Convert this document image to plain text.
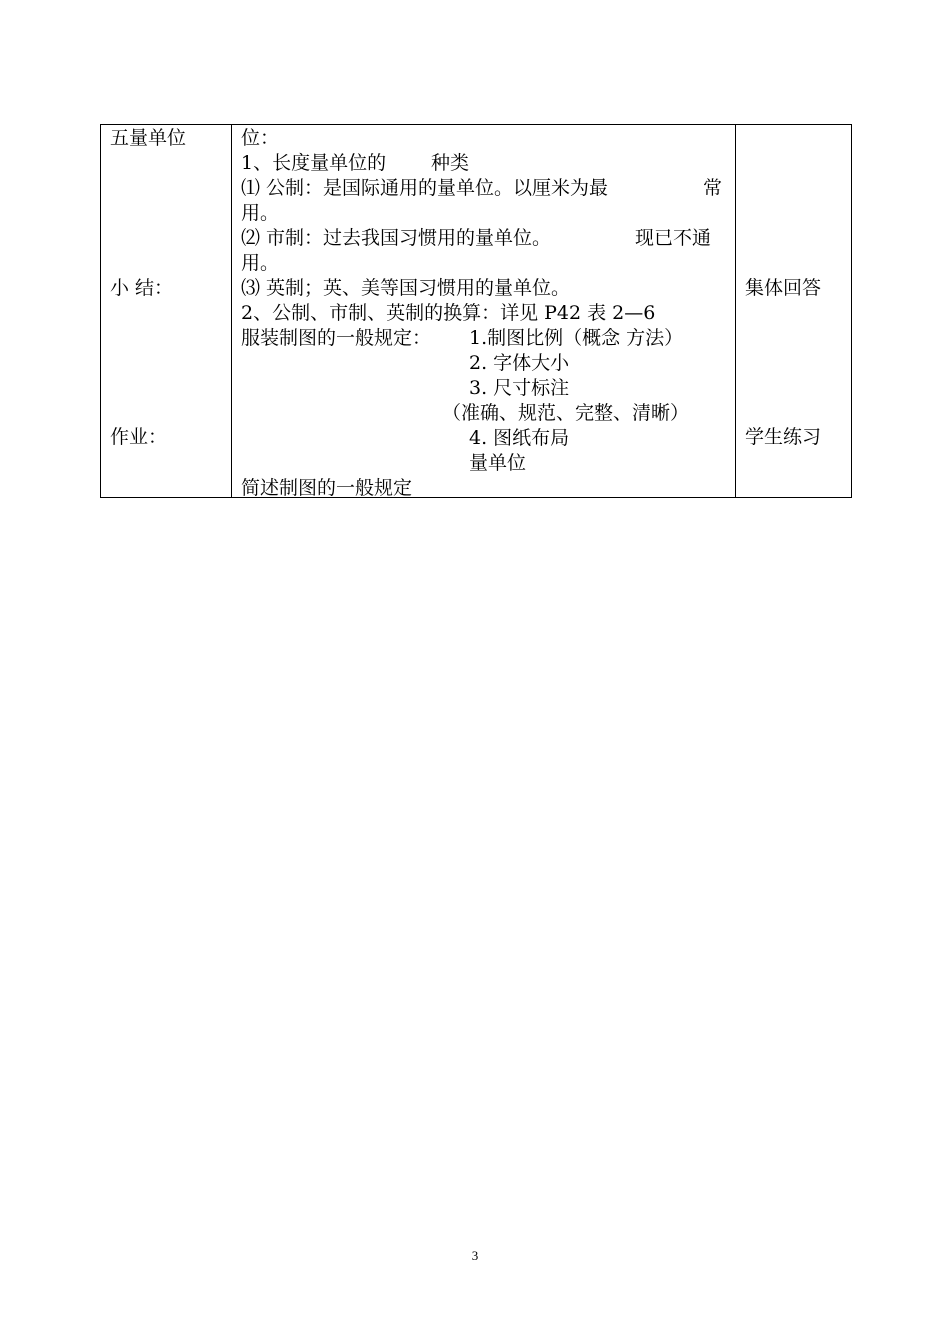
五量单位
小 结：
作业：

位：
1、长度量单位的 种类
⑴ 公制：是国际通用的量单位。以厘米为最	常
用。
⑵ 市制：过去我国习惯用的量单位。	现已不通
用。
⑶ 英制；英、美等国习惯用的量单位。
2、公制、市制、英制的换算：详见 P42 表 2—6
服装制图的一般规定： 1.制图比例（概念 方法）
2. 字体大小
3. 尺寸标注
（准确、规范、完整、清晰）
4. 图纸布局
量单位
简述制图的一般规定

集体回答
学生练习
3
